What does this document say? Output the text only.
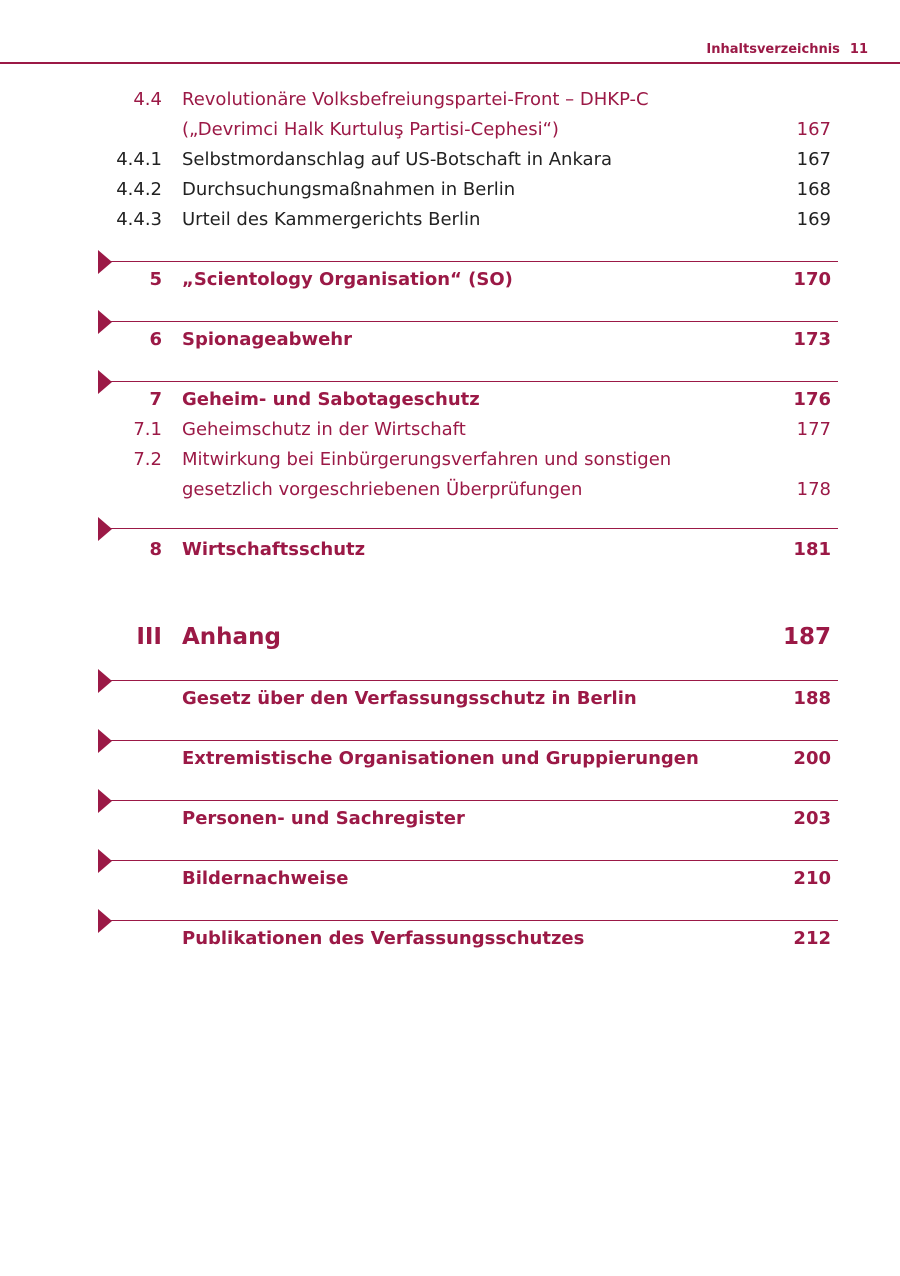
Inhaltsverzeichnis 11
4.4 Revolutionäre Volksbefreiungspartei-Front – DHKP-C
(„Devrimci Halk Kurtuluş Partisi-Cephesi“)	167
4.4.1 Selbstmordanschlag auf US-Botschaft in Ankara	167
4.4.2 Durchsuchungsmaßnahmen in Berlin	168
4.4.3 Urteil des Kammergerichts Berlin	169
5 „Scientology Organisation“ (SO)	170
6 Spionageabwehr	173
7 Geheim- und Sabotageschutz	176
7.1 Geheimschutz in der Wirtschaft	177
7.2 Mitwirkung bei Einbürgerungsverfahren und sonstigen
gesetzlich vorgeschriebenen Überprüfungen	178
8 Wirtschaftsschutz	181
III Anhang	187
Gesetz über den Verfassungsschutz in Berlin	188
Extremistische Organisationen und Gruppierungen	200
Personen- und Sachregister	203
Bildernachweise	210
Publikationen des Verfassungsschutzes	212
